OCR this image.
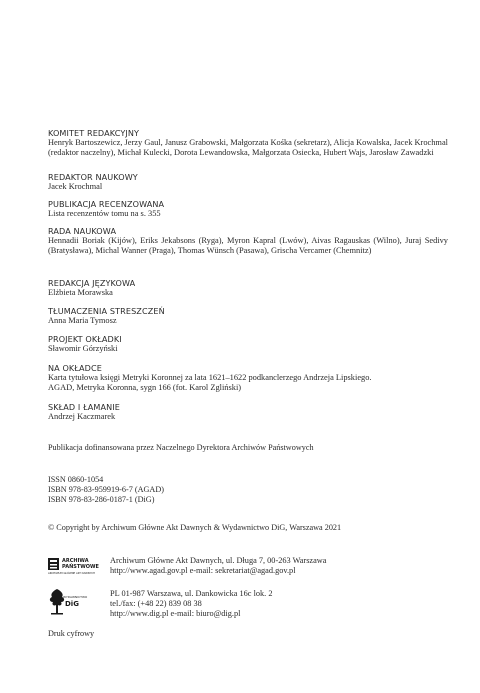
KOMITET REDAKCYJNY
Henryk Bartoszewicz, Jerzy Gaul, Janusz Grabowski, Małgorzata Kośka (sekretarz), Alicja Kowalska, Jacek Krochmal (redaktor naczelny), Michał Kulecki, Dorota Lewandowska, Małgorzata Osiecka, Hubert Wajs, Jarosław Zawadzki
REDAKTOR NAUKOWY
Jacek Krochmal
PUBLIKACJA RECENZOWANA
Lista recenzentów tomu na s. 355
RADA NAUKOWA
Hennadii Boriak (Kijów), Eriks Jekabsons (Ryga), Myron Kapral (Lwów), Aivas Ragauskas (Wilno), Juraj Sedivy (Bratysława), Michal Wanner (Praga), Thomas Wünsch (Pasawa), Grischa Vercamer (Chemnitz)
REDAKCJA JĘZYKOWA
Elżbieta Morawska
TŁUMACZENIA STRESZCZEŃ
Anna Maria Tymosz
PROJEKT OKŁADKI
Sławomir Górzyński
NA OKŁADCE
Karta tytułowa księgi Metryki Koronnej za lata 1621–1622 podkanclerzego Andrzeja Lipskiego.
AGAD, Metryka Koronna, sygn 166 (fot. Karol Zgliński)
SKŁAD I ŁAMANIE
Andrzej Kaczmarek
Publikacja dofinansowana przez Naczelnego Dyrektora Archiwów Państwowych
ISSN 0860-1054
ISBN 978-83-959919-6-7 (AGAD)
ISBN 978-83-286-0187-1 (DiG)
© Copyright by Archiwum Główne Akt Dawnych & Wydawnictwo DiG, Warszawa 2021
ARCHIWA
PAŃSTWOWE
ARCHIWUM GŁÓWNE AKT DAWNYCH
Archiwum Główne Akt Dawnych, ul. Długa 7, 00-263 Warszawa
http://www.agad.gov.pl e-mail: sekretariat@agad.gov.pl
WYDAWNICTWO
DiG
PL 01-987 Warszawa, ul. Dankowicka 16c lok. 2
tel./fax: (+48 22) 839 08 38
http://www.dig.pl e-mail: biuro@dig.pl
Druk cyfrowy
